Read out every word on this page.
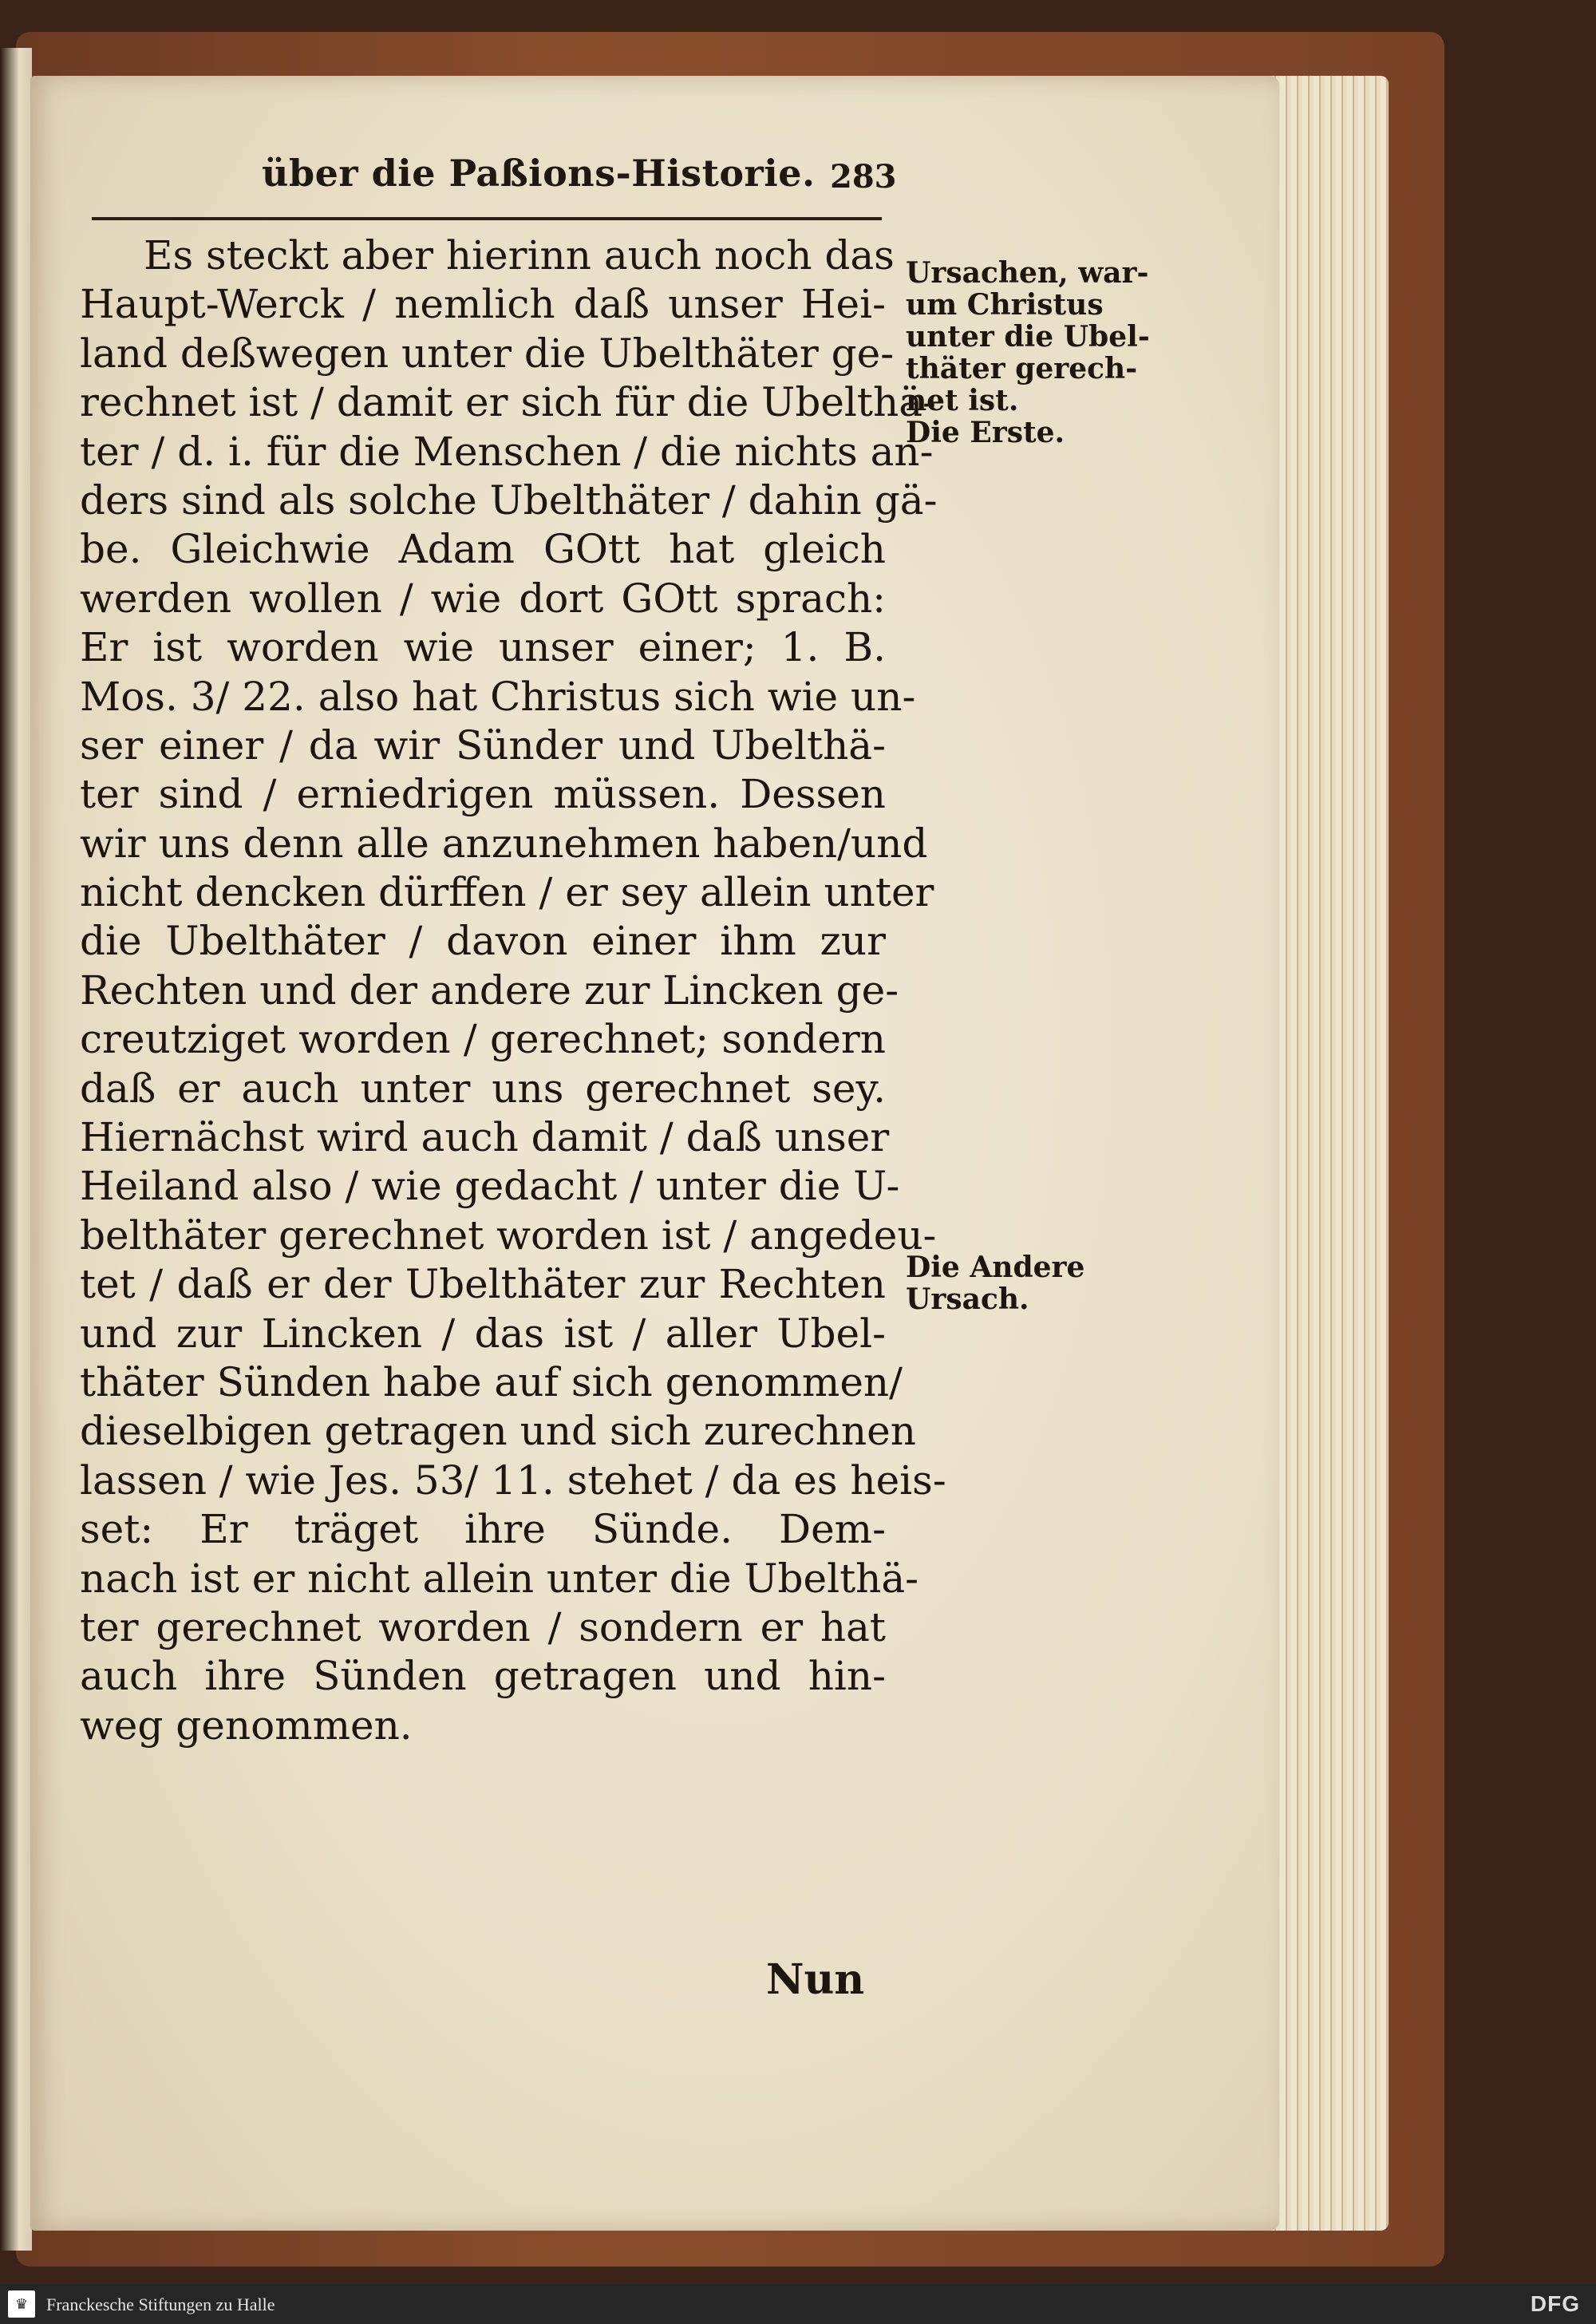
über die Paßions-Historie. 283
Es steckt aber hierinn auch noch das
Haupt-Werck / nemlich daß unser Hei-
land deßwegen unter die Ubelthäter ge-
rechnet ist / damit er sich für die Ubelthä-
ter / d. i. für die Menschen / die nichts an-
ders sind als solche Ubelthäter / dahin gä-
be. Gleichwie Adam GOtt hat gleich
werden wollen / wie dort GOtt sprach:
Er ist worden wie unser einer; 1. B.
Mos. 3/ 22. also hat Christus sich wie un-
ser einer / da wir Sünder und Ubelthä-
ter sind / erniedrigen müssen. Dessen
wir uns denn alle anzunehmen haben/und
nicht dencken dürffen / er sey allein unter
die Ubelthäter / davon einer ihm zur
Rechten und der andere zur Lincken ge-
creutziget worden / gerechnet; sondern
daß er auch unter uns gerechnet sey.
Hiernächst wird auch damit / daß unser
Heiland also / wie gedacht / unter die U-
belthäter gerechnet worden ist / angedeu-
tet / daß er der Ubelthäter zur Rechten
und zur Lincken / das ist / aller Ubel-
thäter Sünden habe auf sich genommen/
dieselbigen getragen und sich zurechnen
lassen / wie Jes. 53/ 11. stehet / da es heis-
set: Er träget ihre Sünde. Dem-
nach ist er nicht allein unter die Ubelthä-
ter gerechnet worden / sondern er hat
auch ihre Sünden getragen und hin-
weg genommen.
Ursachen, war-
um Christus
unter die Ubel-
thäter gerech-
net ist.
Die Erste.
Die Andere
Ursach.
Nun
♛	Franckesche Stiftungen zu Halle	DFG
